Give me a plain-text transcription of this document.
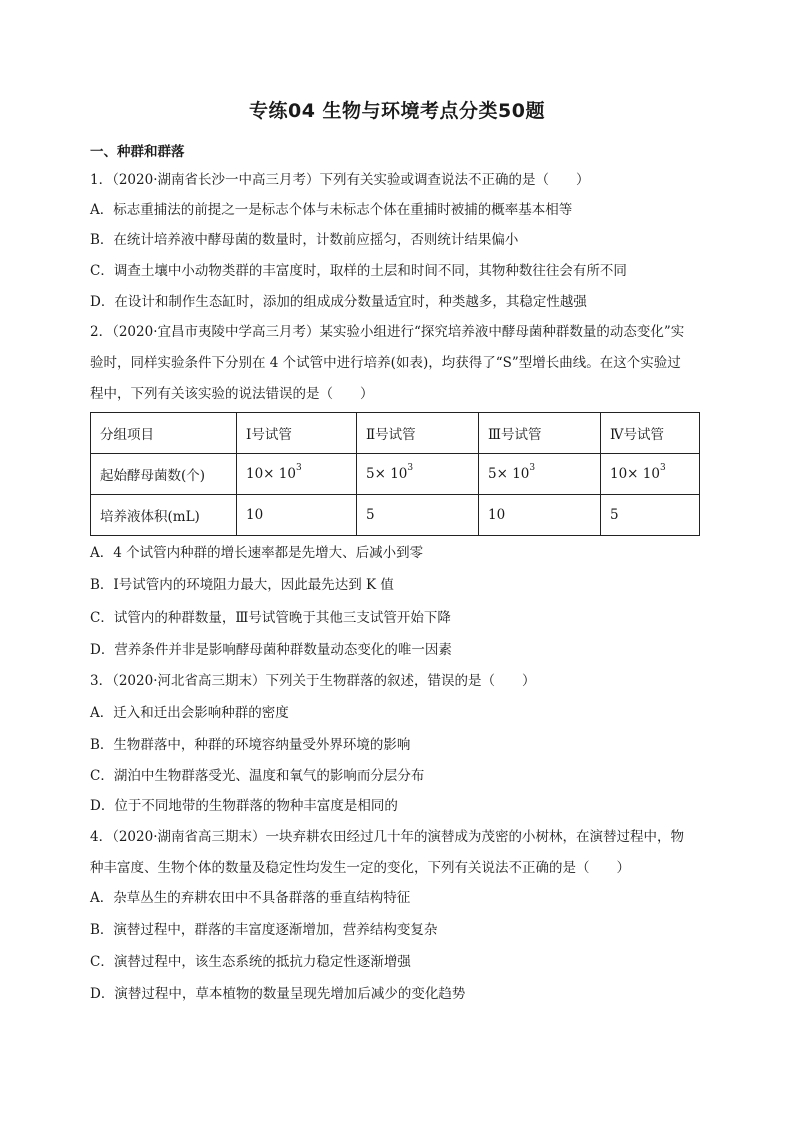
专练04 生物与环境考点分类50题
一、种群和群落
1．（2020·湖南省长沙一中高三月考）下列有关实验或调查说法不正确的是（　　）
A．标志重捕法的前提之一是标志个体与未标志个体在重捕时被捕的概率基本相等
B．在统计培养液中酵母菌的数量时，计数前应摇匀，否则统计结果偏小
C．调查土壤中小动物类群的丰富度时，取样的土层和时间不同，其物种数往往会有所不同
D．在设计和制作生态缸时，添加的组成成分数量适宜时，种类越多，其稳定性越强
2．（2020·宜昌市夷陵中学高三月考）某实验小组进行“探究培养液中酵母菌种群数量的动态变化”实
验时，同样实验条件下分别在 4 个试管中进行培养(如表)，均获得了“S”型增长曲线。在这个实验过
程中，下列有关该实验的说法错误的是（　　）
分组项目	Ⅰ号试管	Ⅱ号试管	Ⅲ号试管	Ⅳ号试管
起始酵母菌数(个)	$10\times 10^3$	$5\times 10^3$	$5\times 10^3$	$10\times 10^3$
培养液体积(mL)	10	5	10	5
A．4 个试管内种群的增长速率都是先增大、后减小到零
B．Ⅰ号试管内的环境阻力最大，因此最先达到 K 值
C．试管内的种群数量，Ⅲ号试管晚于其他三支试管开始下降
D．营养条件并非是影响酵母菌种群数量动态变化的唯一因素
3．（2020·河北省高三期末）下列关于生物群落的叙述，错误的是（　　）
A．迁入和迁出会影响种群的密度
B．生物群落中，种群的环境容纳量受外界环境的影响
C．湖泊中生物群落受光、温度和氧气的影响而分层分布
D．位于不同地带的生物群落的物种丰富度是相同的
4．（2020·湖南省高三期末）一块弃耕农田经过几十年的演替成为茂密的小树林，在演替过程中，物
种丰富度、生物个体的数量及稳定性均发生一定的变化，下列有关说法不正确的是（　　）
A．杂草丛生的弃耕农田中不具备群落的垂直结构特征
B．演替过程中，群落的丰富度逐渐增加，营养结构变复杂
C．演替过程中，该生态系统的抵抗力稳定性逐渐增强
D．演替过程中，草本植物的数量呈现先增加后减少的变化趋势
